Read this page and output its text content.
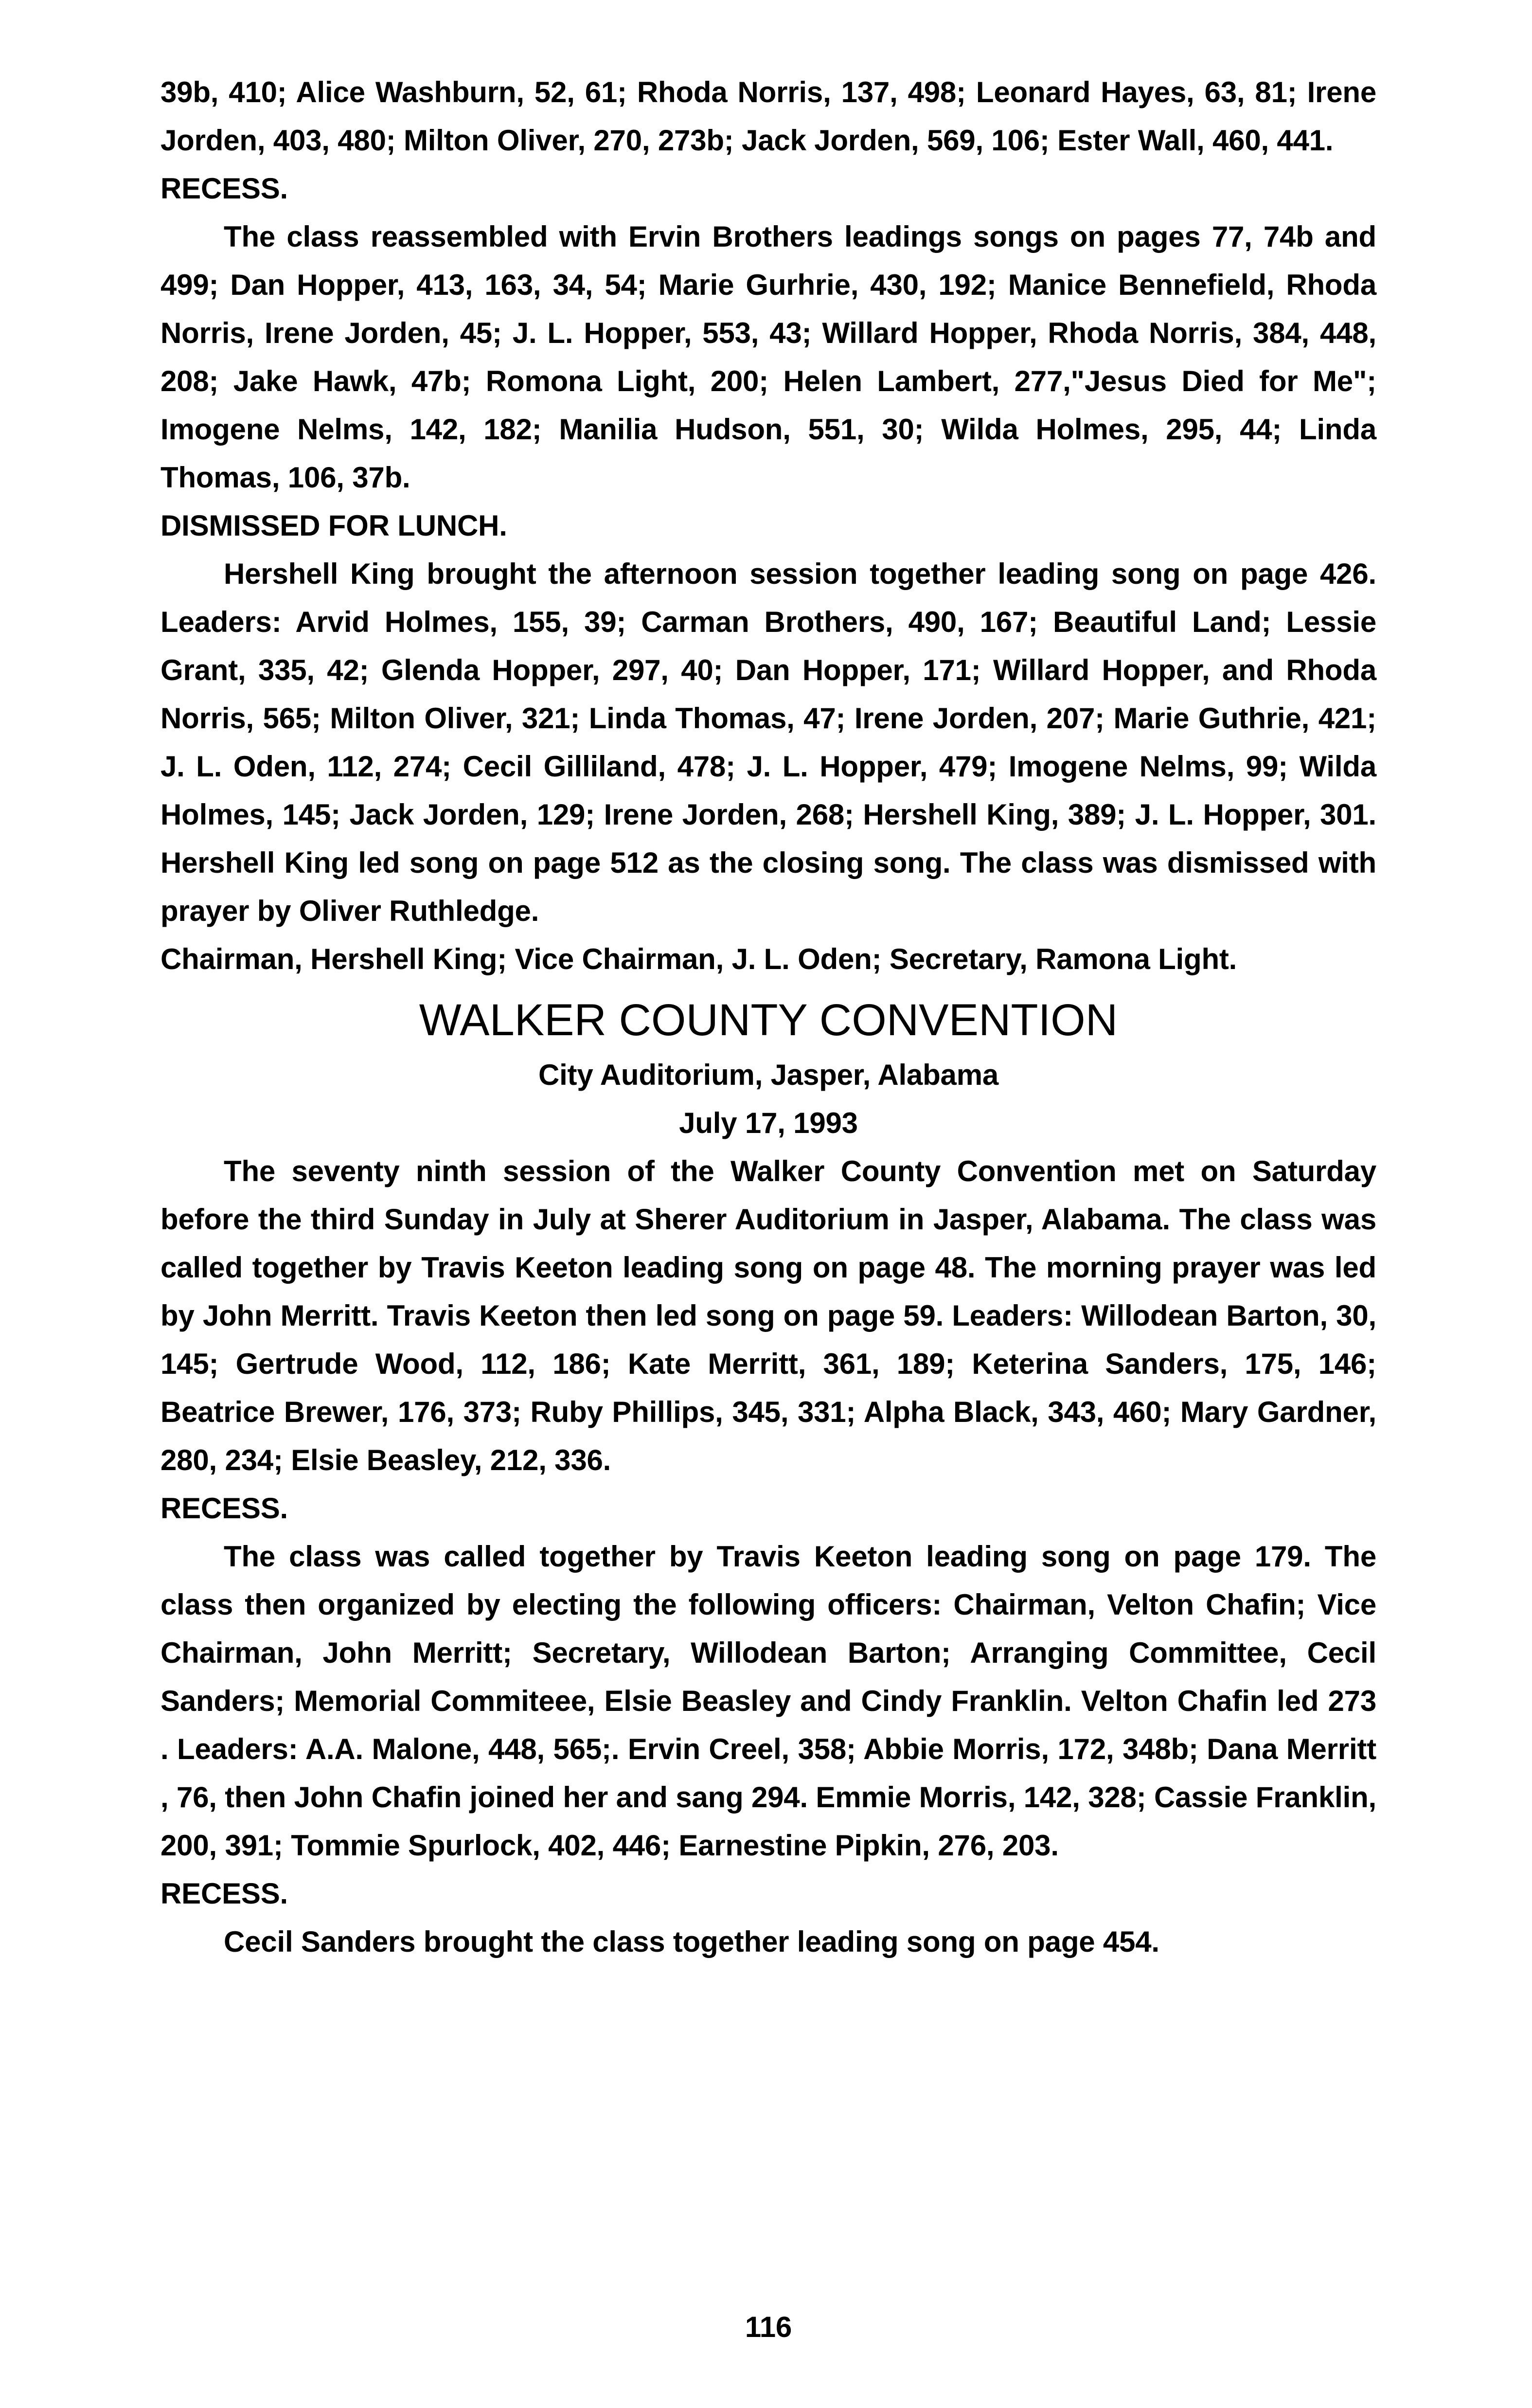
39b, 410; Alice Washburn, 52, 61; Rhoda Norris, 137, 498; Leonard Hayes, 63, 81; Irene Jorden, 403, 480; Milton Oliver, 270, 273b; Jack Jorden, 569, 106; Ester Wall, 460, 441.

RECESS.

The class reassembled with Ervin Brothers leadings songs on pages 77, 74b and 499; Dan Hopper, 413, 163, 34, 54; Marie Gurhrie, 430, 192; Manice Bennefield, Rhoda Norris, Irene Jorden, 45; J. L. Hopper, 553, 43; Willard Hopper, Rhoda Norris, 384, 448, 208; Jake Hawk, 47b; Romona Light, 200; Helen Lambert, 277,"Jesus Died for Me"; Imogene Nelms, 142, 182; Manilia Hudson, 551, 30; Wilda Holmes, 295, 44; Linda Thomas, 106, 37b.

DISMISSED FOR LUNCH.

Hershell King brought the afternoon session together leading song on page 426. Leaders: Arvid Holmes, 155, 39; Carman Brothers, 490, 167; Beautiful Land; Lessie Grant, 335, 42; Glenda Hopper, 297, 40; Dan Hopper, 171; Willard Hopper, and Rhoda Norris, 565; Milton Oliver, 321; Linda Thomas, 47; Irene Jorden, 207; Marie Guthrie, 421; J. L. Oden, 112, 274; Cecil Gilliland, 478; J. L. Hopper, 479; Imogene Nelms, 99; Wilda Holmes, 145; Jack Jorden, 129; Irene Jorden, 268; Hershell King, 389; J. L. Hopper, 301. Hershell King led song on page 512 as the closing song. The class was dismissed with prayer by Oliver Ruthledge.

Chairman, Hershell King; Vice Chairman, J. L. Oden; Secretary, Ramona Light.

WALKER COUNTY CONVENTION

City Auditorium, Jasper, Alabama

July 17, 1993

The seventy ninth session of the Walker County Convention met on Saturday before the third Sunday in July at Sherer Auditorium in Jasper, Alabama. The class was called together by Travis Keeton leading song on page 48. The morning prayer was led by John Merritt. Travis Keeton then led song on page 59. Leaders: Willodean Barton, 30, 145; Gertrude Wood, 112, 186; Kate Merritt, 361, 189; Keterina Sanders, 175, 146; Beatrice Brewer, 176, 373; Ruby Phillips, 345, 331; Alpha Black, 343, 460; Mary Gardner, 280, 234; Elsie Beasley, 212, 336.

RECESS.

The class was called together by Travis Keeton leading song on page 179. The class then organized by electing the following officers: Chairman, Velton Chafin; Vice Chairman, John Merritt; Secretary, Willodean Barton; Arranging Committee, Cecil Sanders; Memorial Commiteee, Elsie Beasley and Cindy Franklin. Velton Chafin led 273 . Leaders: A.A. Malone, 448, 565;. Ervin Creel, 358; Abbie Morris, 172, 348b; Dana Merritt , 76, then John Chafin joined her and sang 294. Emmie Morris, 142, 328; Cassie Franklin, 200, 391; Tommie Spurlock, 402, 446; Earnestine Pipkin, 276, 203.

RECESS.

Cecil Sanders brought the class together leading song on page 454.

116
